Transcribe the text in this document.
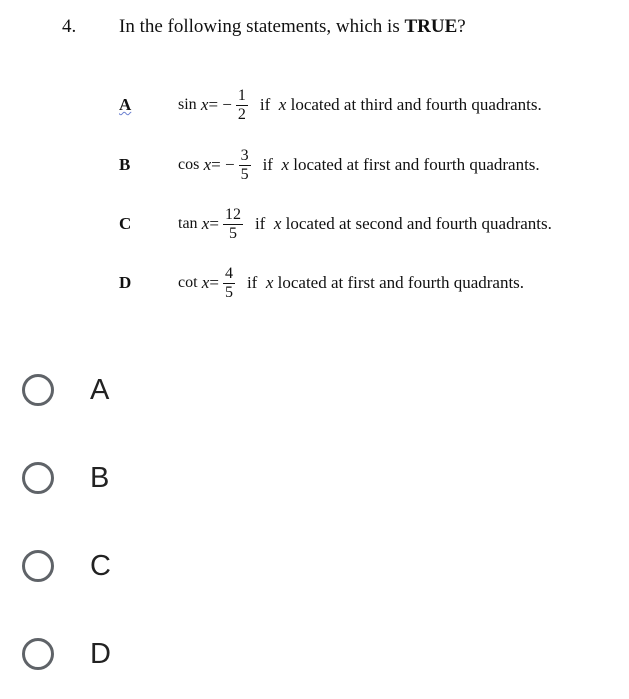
4. In the following statements, which is TRUE?
A	sin
x = − $\frac{1}{2}$ if
x
located at third and fourth quadrants.
B	cos
x = − $\frac{3}{5}$ if
x
located at first and fourth quadrants.
C	tan
$x = \frac{12}{5}$ if
x
located at second and fourth quadrants.
D	cot
$x = \frac{4}{5}$ if
x
located at first and fourth quadrants.
A
B
C
D
